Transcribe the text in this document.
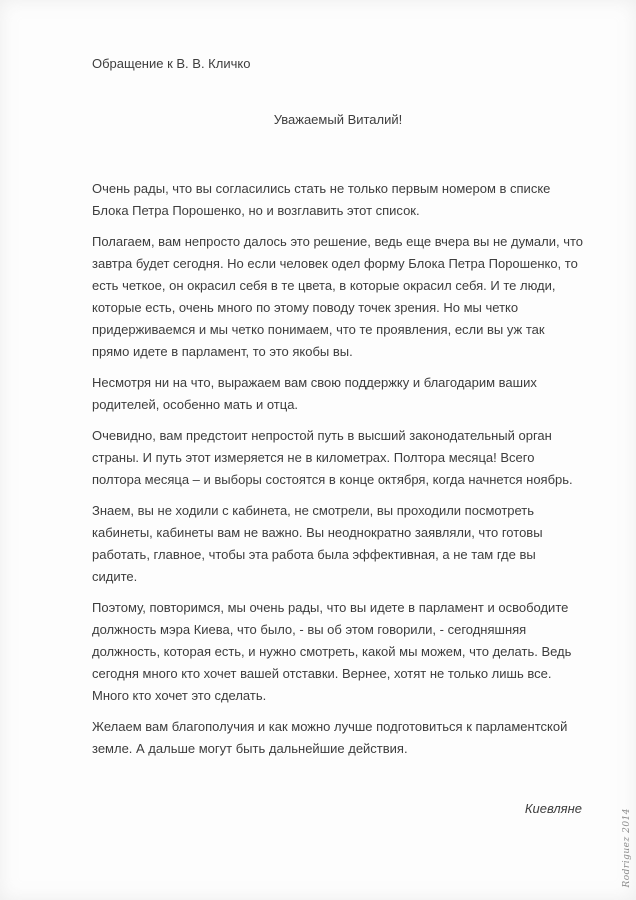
Обращение к В. В. Кличко
Уважаемый Виталий!

Очень рады, что вы согласились стать не только первым номером в списке Блока Петра Порошенко, но и возглавить этот список.

Полагаем, вам непросто далось это решение, ведь еще вчера вы не думали, что завтра будет сегодня. Но если человек одел форму Блока Петра Порошенко, то есть четкое, он окрасил себя в те цвета, в которые окрасил себя. И те люди, которые есть, очень много по этому поводу точек зрения. Но мы четко придерживаемся и мы четко понимаем, что те проявления, если вы уж так прямо идете в парламент, то это якобы вы.

Несмотря ни на что, выражаем вам свою поддержку и благодарим ваших родителей, особенно мать и отца.

Очевидно, вам предстоит непростой путь в высший законодательный орган страны. И путь этот измеряется не в километрах. Полтора месяца! Всего полтора месяца – и выборы состоятся в конце октября, когда начнется ноябрь.

Знаем, вы не ходили с кабинета, не смотрели, вы проходили посмотреть кабинеты, кабинеты вам не важно. Вы неоднократно заявляли, что готовы работать, главное, чтобы эта работа была эффективная, а не там где вы сидите.

Поэтому, повторимся, мы очень рады, что вы идете в парламент и освободите должность мэра Киева, что было, - вы об этом говорили, - сегодняшняя должность, которая есть, и нужно смотреть, какой мы можем, что делать. Ведь сегодня много кто хочет вашей отставки. Вернее, хотят не только лишь все. Много кто хочет это сделать.

Желаем вам благополучия и как можно лучше подготовиться к парламентской земле. А дальше могут быть дальнейшие действия.

Киевляне	Rodriguez 2014
